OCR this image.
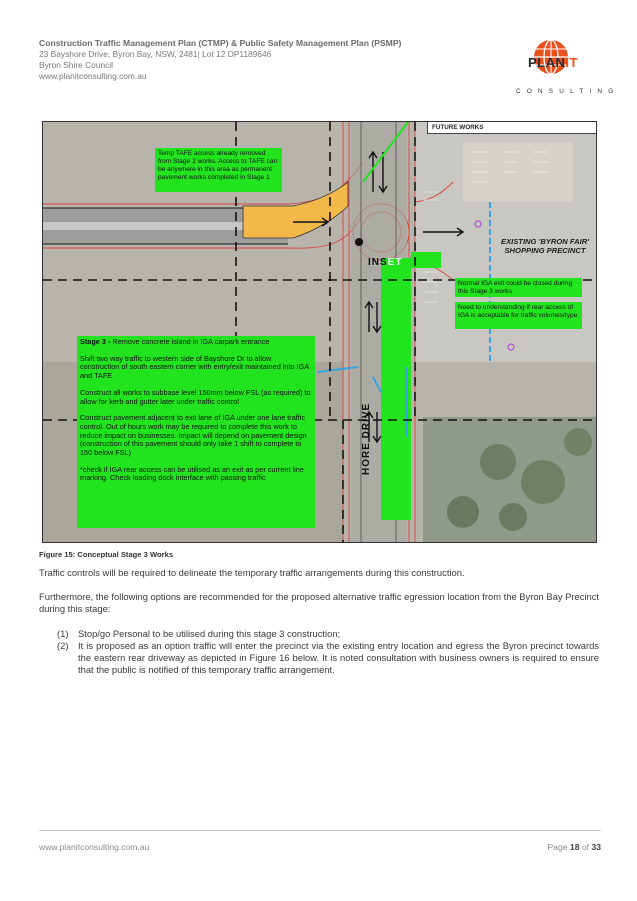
Construction Traffic Management Plan (CTMP) & Public Safety Management Plan (PSMP)
23 Bayshore Drive, Byron Bay, NSW, 2481| Lot 12 DP1189646
Byron Shire Council
www.planitconsulting.com.au
PLANIT
CONSULTING
FUTURE WORKS
EXISTING 'BYRON FAIR' SHOPPING PRECINCT
INSET
HORE DRIVE
Temp TAFE access already removed from Stage 2 works. Access to TAFE can be anywhere in this area as permanent pavement works completed in Stage 1
Normal IGA exit could be closed during this Stage 3 works
Need to understanding if rear access of IGA is acceptable for traffic volumes/type
Stage 3 - Remove concrete island in IGA carpark entrance

Shift two way traffic to western side of Bayshore Dr to allow construction of south eastern corner with entry/exit maintained into IGA and TAFE
Construct all works to subbase level 150mm below FSL (as required) to allow for kerb and gutter later under traffic control
Construct pavement adjacent to exit lane of IGA under one lane traffic control. Out of hours work may be required to complete this work to reduce impact on businesses. Impact will depend on pavement design (construction of this pavement should only take 1 shift to complete to 150 below FSL)
*check if IGA rear access can be utilised as an exit as per current line marking. Check loading dock interface with passing traffic
Figure 15: Conceptual Stage 3 Works
Traffic controls will be required to delineate the temporary traffic arrangements during this construction.
Furthermore, the following options are recommended for the proposed alternative traffic egression location from the Byron Bay Precinct during this stage:
(1) Stop/go Personal to be utilised during this stage 3 construction;
(2) It is proposed as an option traffic will enter the precinct via the existing entry location and egress the Byron precinct towards the eastern rear driveway as depicted in Figure 16 below. It is noted consultation with business owners is required to ensure that the public is notified of this temporary traffic arrangement.
www.planitconsulting.com.au	Page 18 of 33
